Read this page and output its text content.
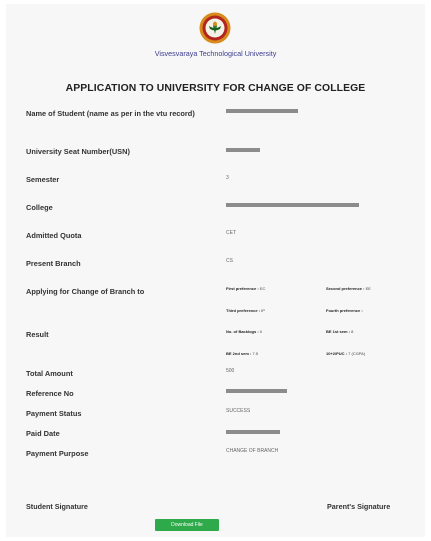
Visvesvaraya Technological University
APPLICATION TO UNIVERSITY FOR CHANGE OF COLLEGE
Name of Student (name as per in the vtu record)
University Seat Number(USN)
Semester	3
College
Admitted Quota	CET
Present Branch	CS
Applying for Change of Branch to	First preference : EC	Second preference : EE
Third preference : IP	Fourth preference :
Result	No. of Backlogs : 0	BE 1st sem : 8
BE 2nd sem : 7.5	10+2/PUC : 7 (CGPA)
Total Amount	500
Reference No
Payment Status	SUCCESS
Paid Date
Payment Purpose	CHANGE OF BRANCH
Student Signature	Parent's Signature
Download File
